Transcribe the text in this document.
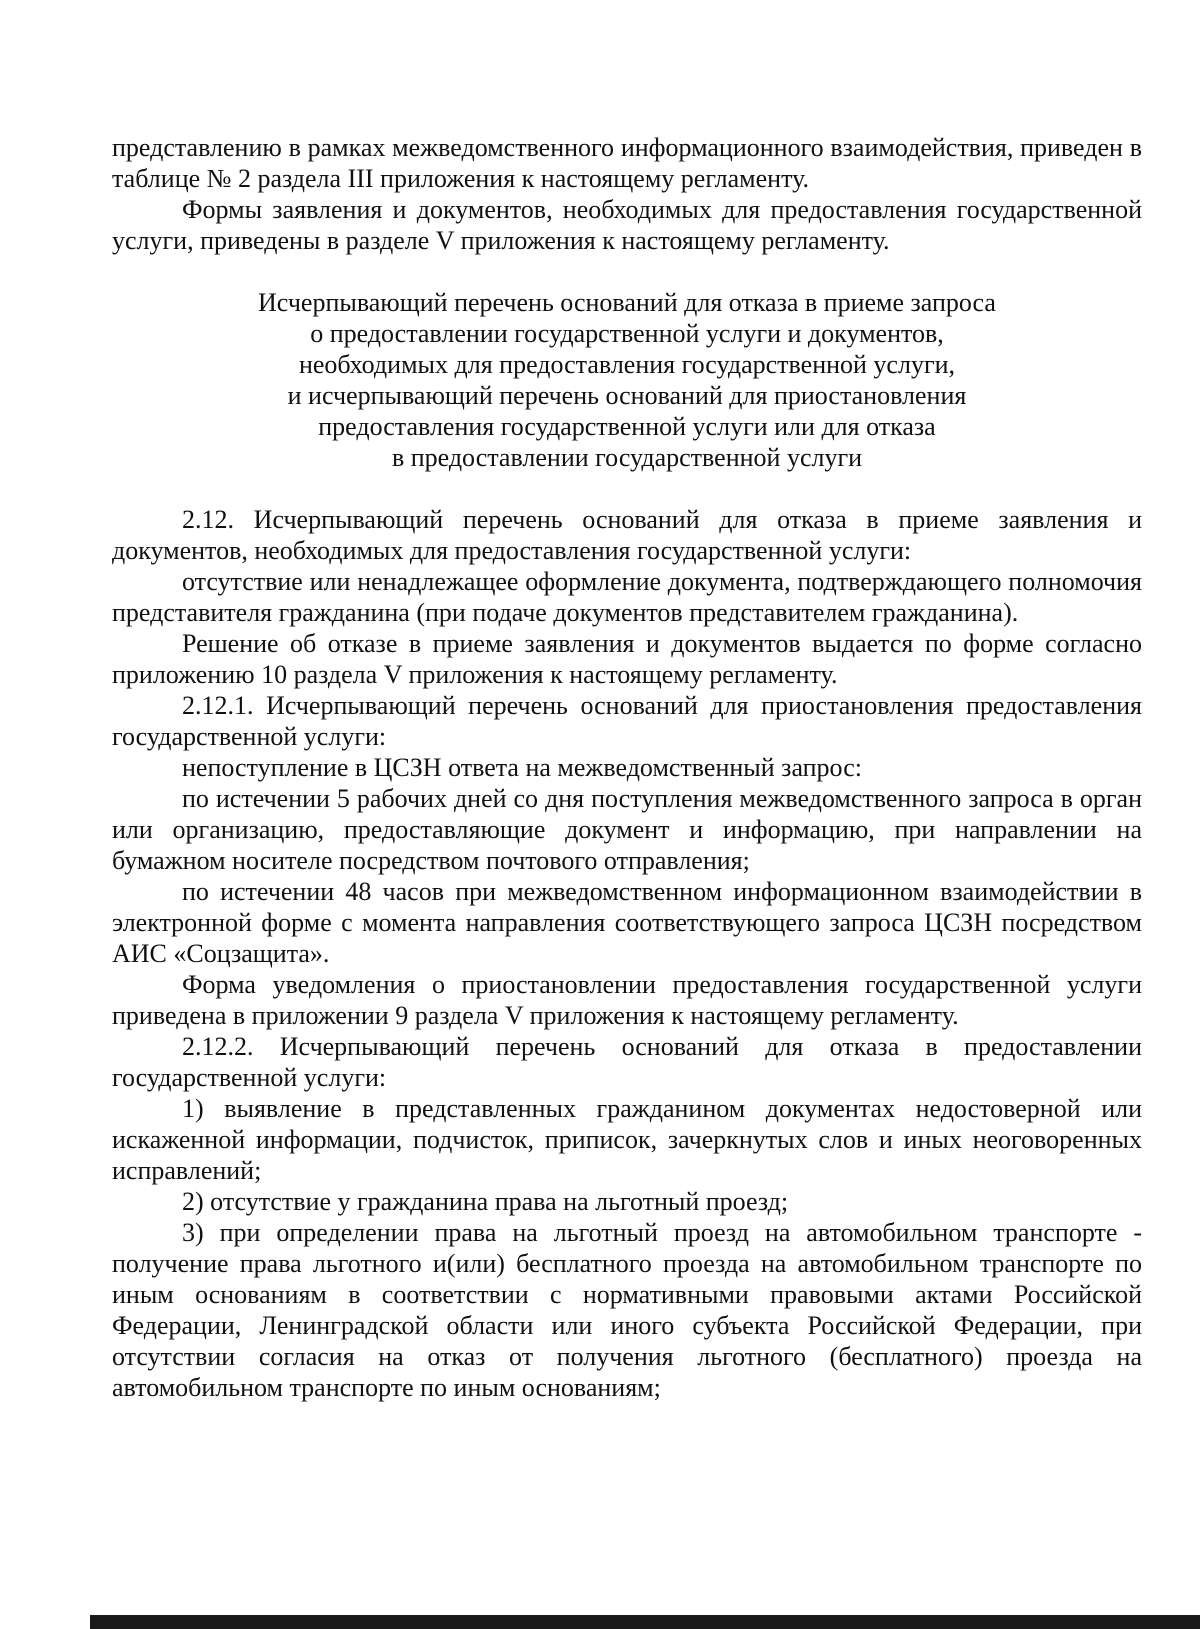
представлению в рамках межведомственного информационного взаимодействия, приведен в таблице № 2 раздела III приложения к настоящему регламенту.

Формы заявления и документов, необходимых для предоставления государственной услуги, приведены в разделе V приложения к настоящему регламенту.

Исчерпывающий перечень оснований для отказа в приеме запроса
о предоставлении государственной услуги и документов,
необходимых для предоставления государственной услуги,
и исчерпывающий перечень оснований для приостановления
предоставления государственной услуги или для отказа
в предоставлении государственной услуги

2.12. Исчерпывающий перечень оснований для отказа в приеме заявления и документов, необходимых для предоставления государственной услуги:

отсутствие или ненадлежащее оформление документа, подтверждающего полномочия представителя гражданина (при подаче документов представителем гражданина).

Решение об отказе в приеме заявления и документов выдается по форме согласно приложению 10 раздела V приложения к настоящему регламенту.

2.12.1. Исчерпывающий перечень оснований для приостановления предоставления государственной услуги:

непоступление в ЦСЗН ответа на межведомственный запрос:

по истечении 5 рабочих дней со дня поступления межведомственного запроса в орган или организацию, предоставляющие документ и информацию, при направлении на бумажном носителе посредством почтового отправления;

по истечении 48 часов при межведомственном информационном взаимодействии в электронной форме с момента направления соответствующего запроса ЦСЗН посредством АИС «Соцзащита».

Форма уведомления о приостановлении предоставления государственной услуги приведена в приложении 9 раздела V приложения к настоящему регламенту.

2.12.2. Исчерпывающий перечень оснований для отказа в предоставлении государственной услуги:

1) выявление в представленных гражданином документах недостоверной или искаженной информации, подчисток, приписок, зачеркнутых слов и иных неоговоренных исправлений;

2) отсутствие у гражданина права на льготный проезд;

3) при определении права на льготный проезд на автомобильном транспорте - получение права льготного и(или) бесплатного проезда на автомобильном транспорте по иным основаниям в соответствии с нормативными правовыми актами Российской Федерации, Ленинградской области или иного субъекта Российской Федерации, при отсутствии согласия на отказ от получения льготного (бесплатного) проезда на автомобильном транспорте по иным основаниям;
